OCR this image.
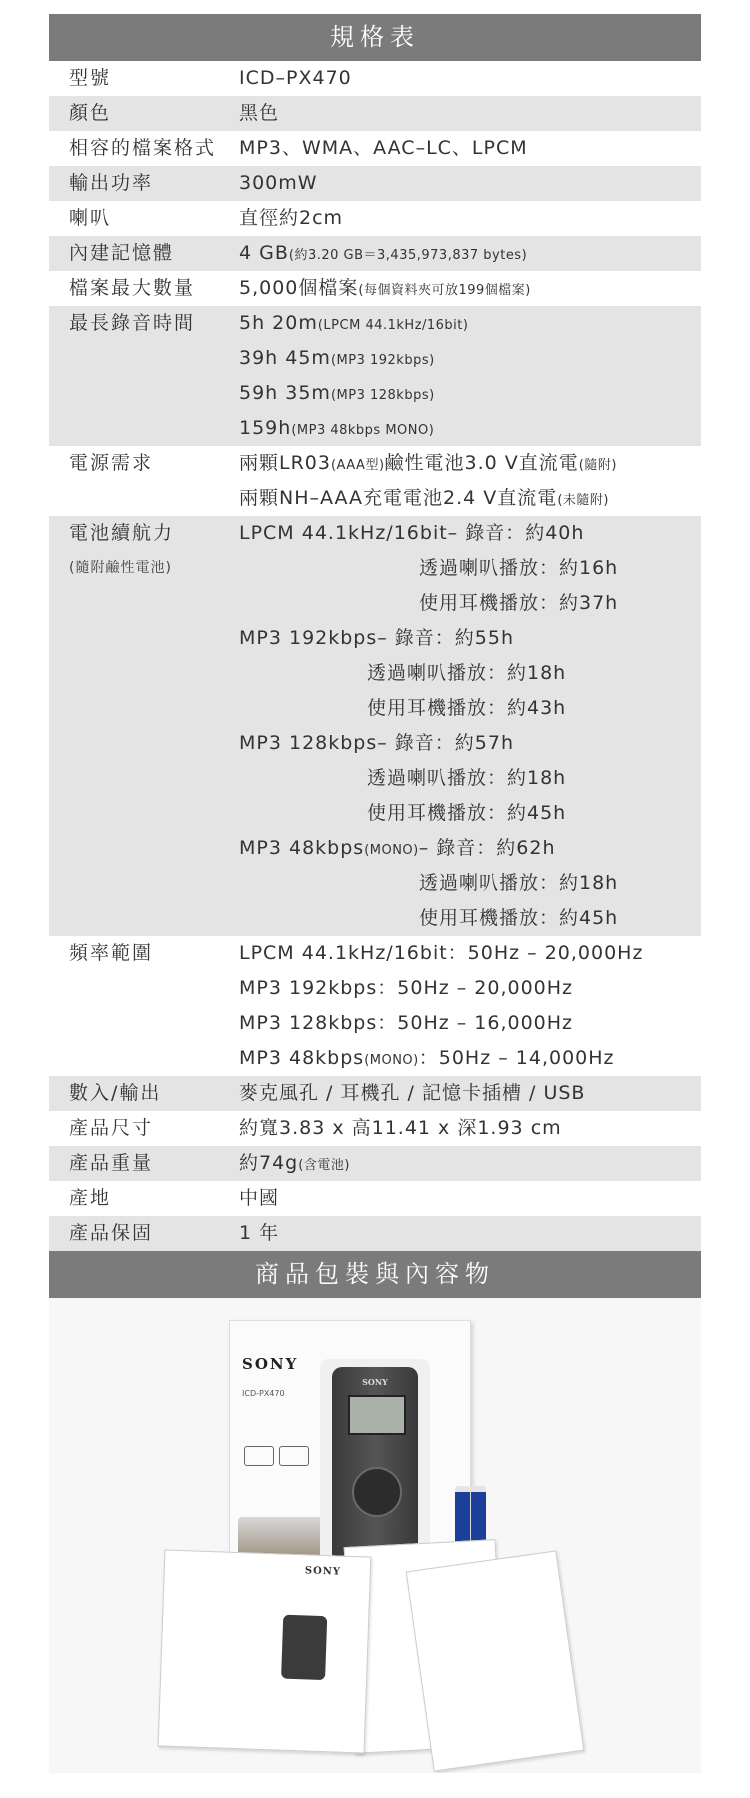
規格表
型號	ICD–PX470
顏色	黑色
相容的檔案格式 MP3、WMA、AAC–LC、LPCM
輸出功率	300mW
喇叭	直徑約2cm
內建記憶體	4 GB(約3.20 GB＝3,435,973,837 bytes)
檔案最大數量 5,000個檔案(每個資料夾可放199個檔案)
最長錄音時間 5h 20m(LPCM 44.1kHz/16bit)
39h 45m(MP3 192kbps)
59h 35m(MP3 128kbps)
159h(MP3 48kbps MONO)
電源需求	兩顆LR03(AAA型)鹼性電池3.0 V直流電(隨附)
兩顆NH–AAA充電電池2.4 V直流電(未隨附)
電池續航力
(隨附鹼性電池)
LPCM 44.1kHz/16bit– 錄音：約40h
透過喇叭播放：約16h
使用耳機播放：約37h
MP3 192kbps– 錄音：約55h
透過喇叭播放：約18h
使用耳機播放：約43h
MP3 128kbps– 錄音：約57h
透過喇叭播放：約18h
使用耳機播放：約45h
MP3 48kbps(MONO)– 錄音：約62h
透過喇叭播放：約18h
使用耳機播放：約45h
頻率範圍	LPCM 44.1kHz/16bit：50Hz – 20,000Hz
MP3 192kbps：50Hz – 20,000Hz
MP3 128kbps：50Hz – 16,000Hz
MP3 48kbps(MONO)：50Hz – 14,000Hz
數入/輸出	麥克風孔 / 耳機孔 / 記憶卡插槽 / USB
產品尺寸	約寬3.83 x 高11.41 x 深1.93 cm
產品重量	約74g(含電池)
產地	中國
產品保固	1 年
商品包裝與內容物
SONY
ICD-PX470
SONY
SONY
